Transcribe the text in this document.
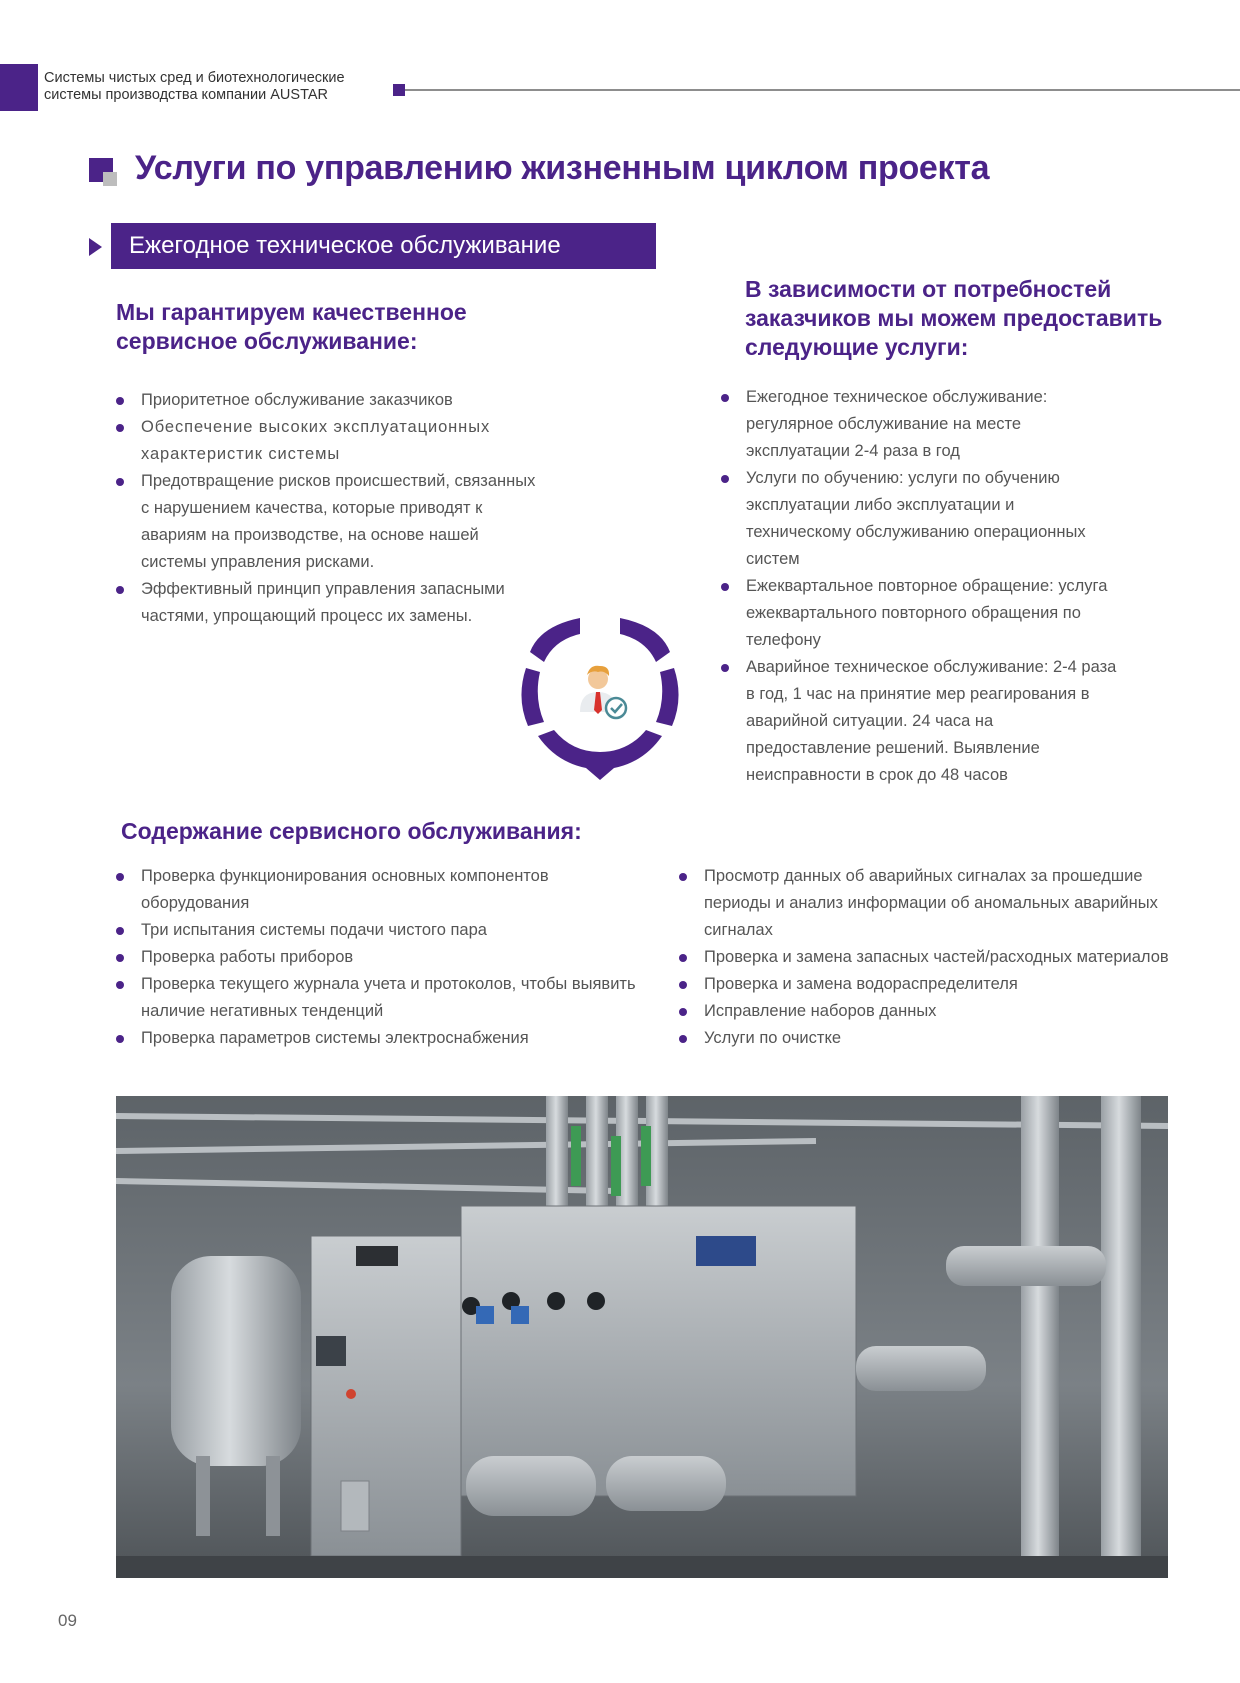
Системы чистых сред и биотехнологические
системы производства компании AUSTAR
Услуги по управлению жизненным циклом проекта
Ежегодное техническое обслуживание
Мы гарантируем качественное сервисное обслуживание:
Приоритетное обслуживание заказчиков
Обеспечение высоких эксплуатационных характеристик системы
Предотвращение рисков происшествий, связанных с нарушением качества, которые приводят к авариям на производстве, на основе нашей системы управления рисками.
Эффективный принцип управления запасными частями, упрощающий процесс их замены.
В зависимости от потребностей заказчиков мы можем предоставить следующие услуги:
Ежегодное техническое обслуживание: регулярное обслуживание на месте эксплуатации 2-4 раза в год
Услуги по обучению: услуги по обучению эксплуатации либо эксплуатации и техническому обслуживанию операционных систем
Ежеквартальное повторное обращение: услуга ежеквартального повторного обращения по телефону
Аварийное техническое обслуживание: 2-4 раза в год, 1 час на принятие мер реагирования в аварийной ситуации. 24 часа на предоставление решений. Выявление неисправности в срок до 48 часов
Содержание сервисного обслуживания:
Проверка функционирования основных компонентов оборудования
Три испытания системы подачи чистого пара
Проверка работы приборов
Проверка текущего журнала учета и протоколов, чтобы выявить наличие негативных тенденций
Проверка параметров системы электроснабжения
Просмотр данных об аварийных сигналах за прошедшие периоды и анализ информации об аномальных аварийных сигналах
Проверка и замена запасных частей/расходных материалов
Проверка и замена водораспределителя
Исправление наборов данных
Услуги по очистке
09
